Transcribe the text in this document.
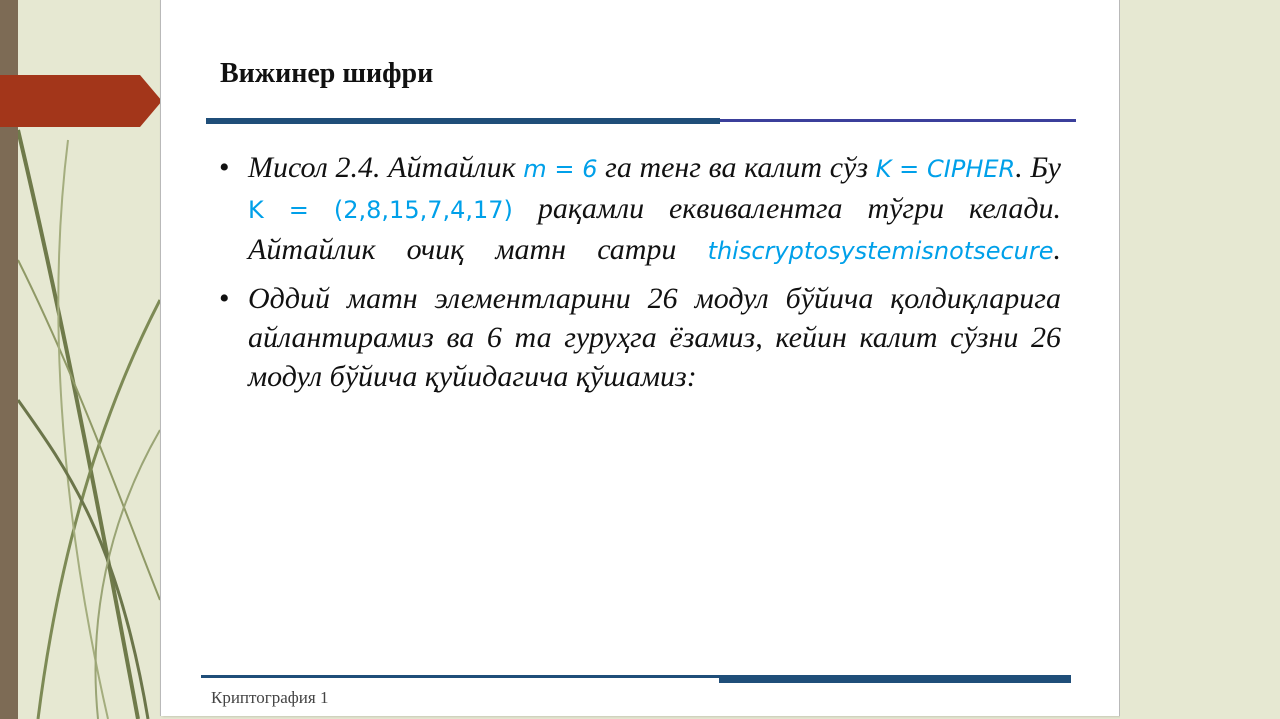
Вижинер шифри
• Мисол 2.4. Айтайлик m = 6 га тенг ва калит сўз K = CIPHER. Бу K = (2,8,15,7,4,17) рақамли еквивалентга тўгри келади. Айтайлик очиқ матн сатри thiscryptosystemisnotsecure.
• Оддий матн элементларини 26 модул бўйича қолдиқларига айлантирамиз ва 6 та гуруҳга ёзамиз, кейин калит сўзни 26 модул бўйича қуйидагича қўшамиз:
Криптография 1
